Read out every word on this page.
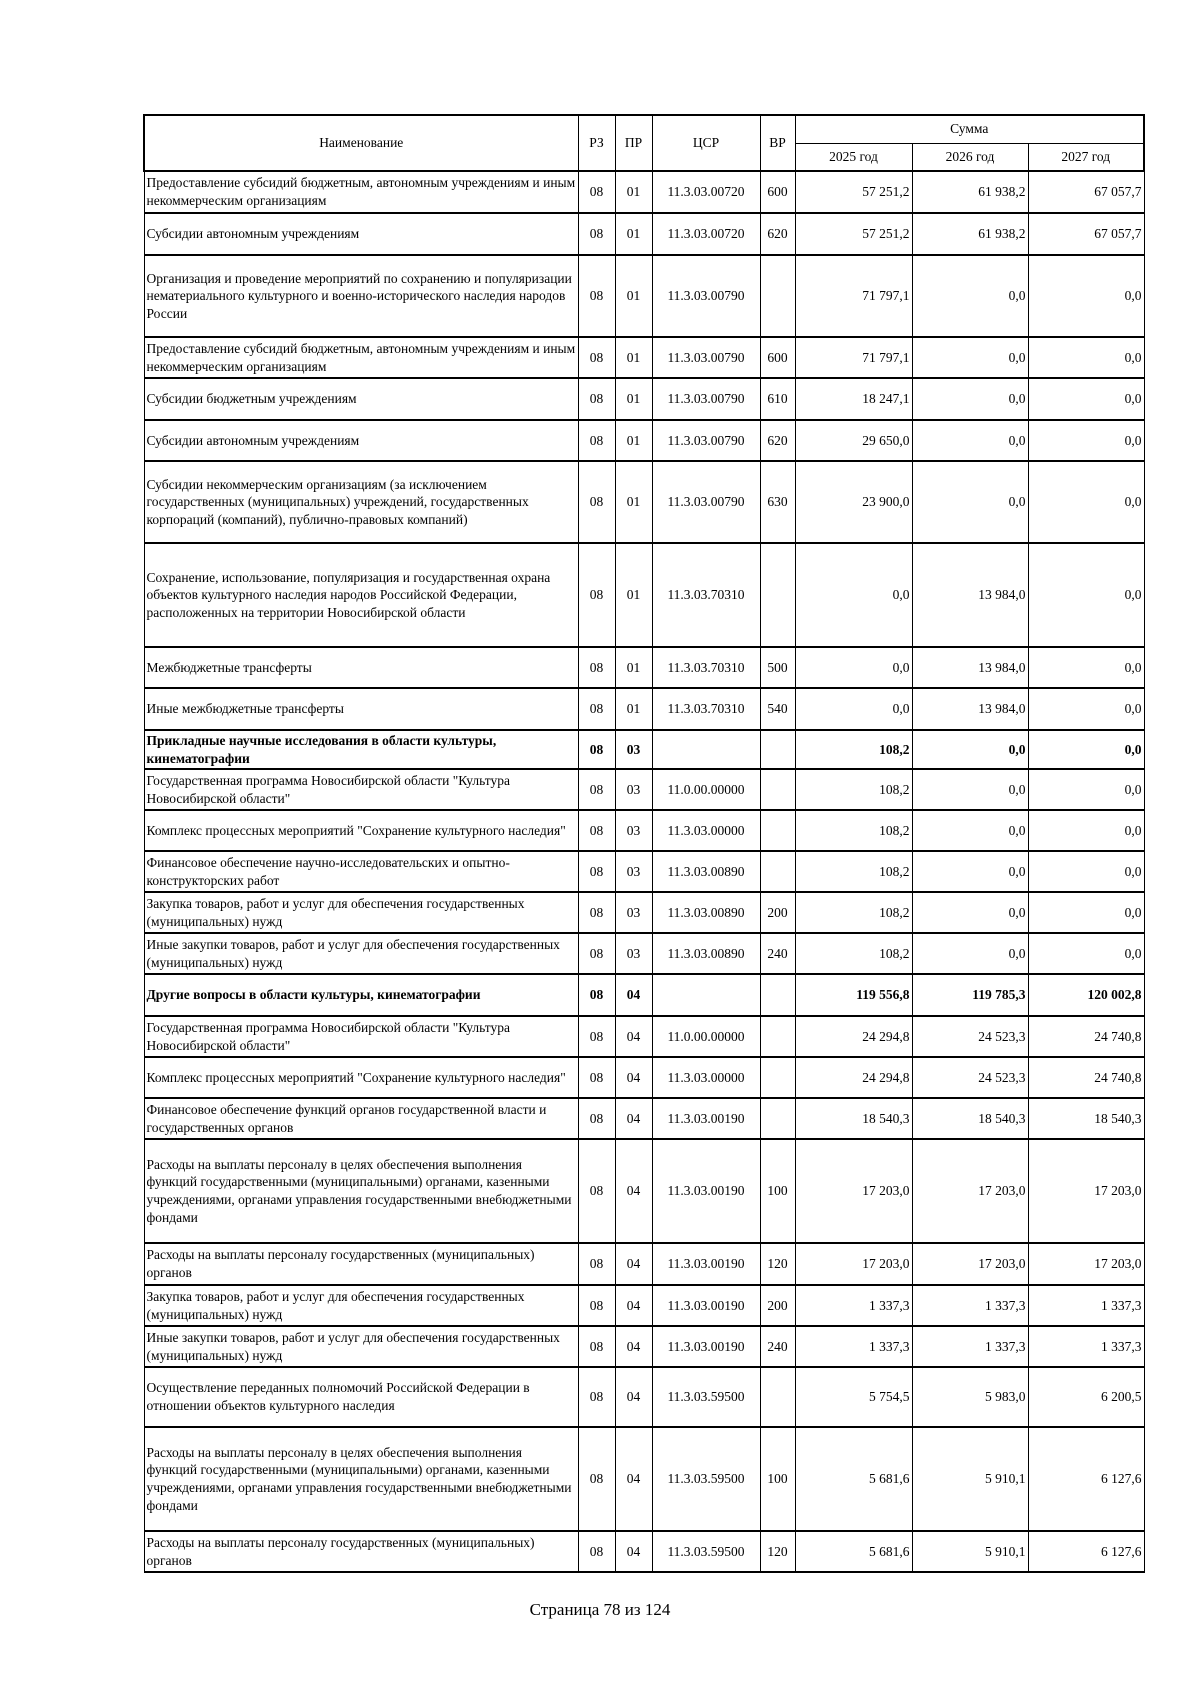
Наименование	РЗ	ПР	ЦСР	ВР	Сумма		
					2025 год	2026 год	2027 год
Предоставление субсидий бюджетным, автономным учреждениям и иным некоммерческим организациям	08	01	11.3.03.00720	600	57 251,2	61 938,2	67 057,7
Субсидии автономным учреждениям	08	01	11.3.03.00720	620	57 251,2	61 938,2	67 057,7
Организация и проведение мероприятий по сохранению и популяризации нематериального культурного и военно-исторического наследия народов России	08	01	11.3.03.00790		71 797,1	0,0	0,0
Предоставление субсидий бюджетным, автономным учреждениям и иным некоммерческим организациям	08	01	11.3.03.00790	600	71 797,1	0,0	0,0
Субсидии бюджетным учреждениям	08	01	11.3.03.00790	610	18 247,1	0,0	0,0
Субсидии автономным учреждениям	08	01	11.3.03.00790	620	29 650,0	0,0	0,0
Субсидии некоммерческим организациям (за исключением государственных (муниципальных) учреждений, государственных корпораций (компаний), публично-правовых компаний)	08	01	11.3.03.00790	630	23 900,0	0,0	0,0
Сохранение, использование, популяризация и государственная охрана объектов культурного наследия народов Российской Федерации, расположенных на территории Новосибирской области	08	01	11.3.03.70310		0,0	13 984,0	0,0
Межбюджетные трансферты	08	01	11.3.03.70310	500	0,0	13 984,0	0,0
Иные межбюджетные трансферты	08	01	11.3.03.70310	540	0,0	13 984,0	0,0
Прикладные научные исследования в области культуры, кинематографии	08	03			108,2	0,0	0,0
Государственная программа Новосибирской области "Культура Новосибирской области"	08	03	11.0.00.00000		108,2	0,0	0,0
Комплекс процессных мероприятий "Сохранение культурного наследия"	08	03	11.3.03.00000		108,2	0,0	0,0
Финансовое обеспечение научно-исследовательских и опытно-конструкторских работ	08	03	11.3.03.00890		108,2	0,0	0,0
Закупка товаров, работ и услуг для обеспечения государственных (муниципальных) нужд	08	03	11.3.03.00890	200	108,2	0,0	0,0
Иные закупки товаров, работ и услуг для обеспечения государственных (муниципальных) нужд	08	03	11.3.03.00890	240	108,2	0,0	0,0
Другие вопросы в области культуры, кинематографии	08	04			119 556,8	119 785,3	120 002,8
Государственная программа Новосибирской области "Культура Новосибирской области"	08	04	11.0.00.00000		24 294,8	24 523,3	24 740,8
Комплекс процессных мероприятий "Сохранение культурного наследия"	08	04	11.3.03.00000		24 294,8	24 523,3	24 740,8
Финансовое обеспечение функций органов государственной власти и государственных органов	08	04	11.3.03.00190		18 540,3	18 540,3	18 540,3
Расходы на выплаты персоналу в целях обеспечения выполнения функций государственными (муниципальными) органами, казенными учреждениями, органами управления государственными внебюджетными фондами	08	04	11.3.03.00190	100	17 203,0	17 203,0	17 203,0
Расходы на выплаты персоналу государственных (муниципальных) органов	08	04	11.3.03.00190	120	17 203,0	17 203,0	17 203,0
Закупка товаров, работ и услуг для обеспечения государственных (муниципальных) нужд	08	04	11.3.03.00190	200	1 337,3	1 337,3	1 337,3
Иные закупки товаров, работ и услуг для обеспечения государственных (муниципальных) нужд	08	04	11.3.03.00190	240	1 337,3	1 337,3	1 337,3
Осуществление переданных полномочий Российской Федерации в отношении объектов культурного наследия	08	04	11.3.03.59500		5 754,5	5 983,0	6 200,5
Расходы на выплаты персоналу в целях обеспечения выполнения функций государственными (муниципальными) органами, казенными учреждениями, органами управления государственными внебюджетными фондами	08	04	11.3.03.59500	100	5 681,6	5 910,1	6 127,6
Расходы на выплаты персоналу государственных (муниципальных) органов	08	04	11.3.03.59500	120	5 681,6	5 910,1	6 127,6
Страница 78 из 124
